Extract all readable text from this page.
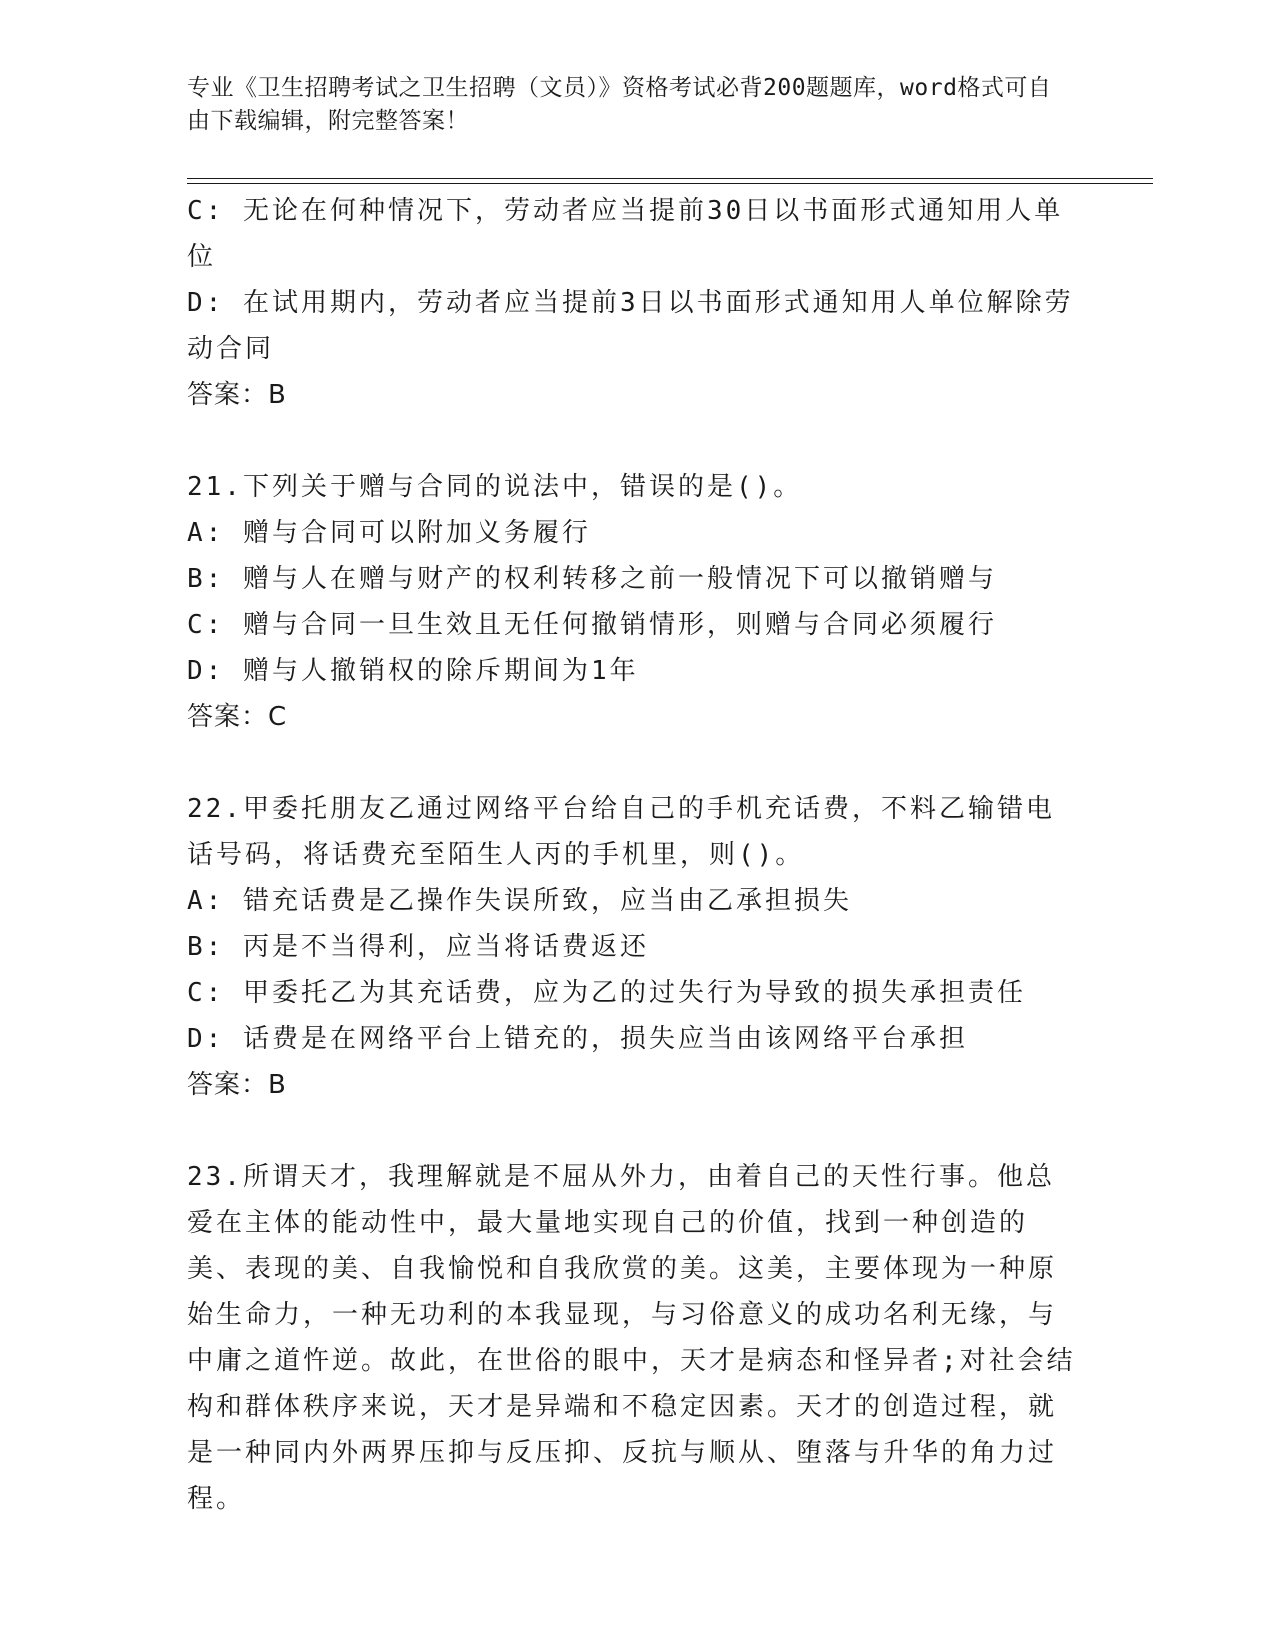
专业《卫生招聘考试之卫生招聘（文员）》资格考试必背200题题库，word格式可自由下载编辑，附完整答案！
C: 无论在何种情况下，劳动者应当提前30日以书面形式通知用人单位
D: 在试用期内，劳动者应当提前3日以书面形式通知用人单位解除劳动合同
答案：B
21.下列关于赠与合同的说法中，错误的是()。
A: 赠与合同可以附加义务履行
B: 赠与人在赠与财产的权利转移之前一般情况下可以撤销赠与
C: 赠与合同一旦生效且无任何撤销情形，则赠与合同必须履行
D: 赠与人撤销权的除斥期间为1年
答案：C
22.甲委托朋友乙通过网络平台给自己的手机充话费，不料乙输错电话号码，将话费充至陌生人丙的手机里，则()。
A: 错充话费是乙操作失误所致，应当由乙承担损失
B: 丙是不当得利，应当将话费返还
C: 甲委托乙为其充话费，应为乙的过失行为导致的损失承担责任
D: 话费是在网络平台上错充的，损失应当由该网络平台承担
答案：B
23.所谓天才，我理解就是不屈从外力，由着自己的天性行事。他总爱在主体的能动性中，最大量地实现自己的价值，找到一种创造的美、表现的美、自我愉悦和自我欣赏的美。这美，主要体现为一种原始生命力，一种无功利的本我显现，与习俗意义的成功名利无缘，与中庸之道忤逆。故此，在世俗的眼中，天才是病态和怪异者;对社会结构和群体秩序来说，天才是异端和不稳定因素。天才的创造过程，就是一种同内外两界压抑与反压抑、反抗与顺从、堕落与升华的角力过程。
